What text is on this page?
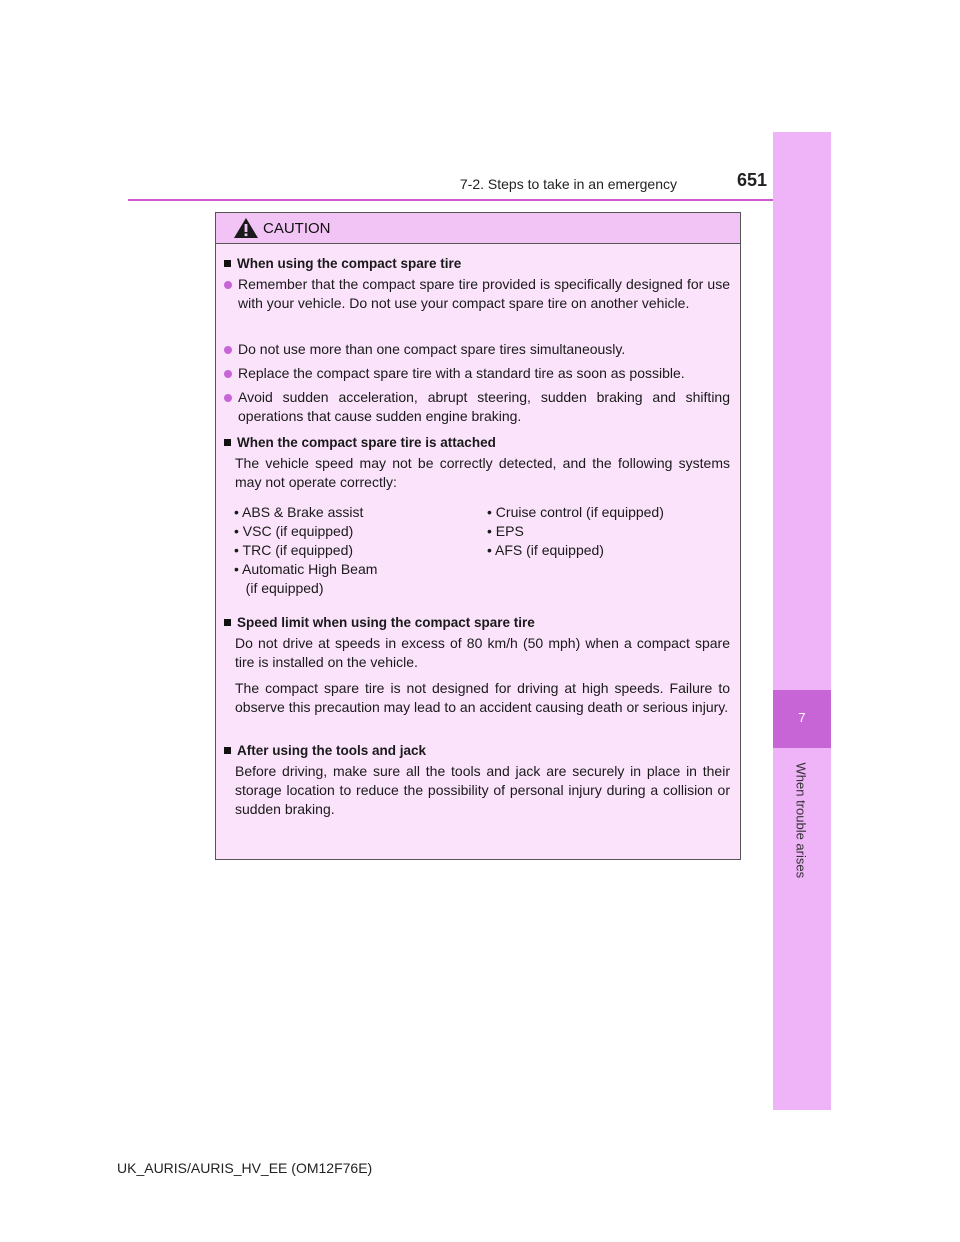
7-2. Steps to take in an emergency	651
7
When trouble arises
CAUTION
When using the compact spare tire
Remember that the compact spare tire provided is specifically designed for use with your vehicle. Do not use your compact spare tire on another vehicle.
Do not use more than one compact spare tires simultaneously.
Replace the compact spare tire with a standard tire as soon as possible.
Avoid sudden acceleration, abrupt steering, sudden braking and shifting operations that cause sudden engine braking.
When the compact spare tire is attached
The vehicle speed may not be correctly detected, and the following systems may not operate correctly:
• ABS & Brake assist
• VSC (if equipped)
• TRC (if equipped)
• Automatic High Beam
(if equipped)
• Cruise control (if equipped)
• EPS
• AFS (if equipped)
Speed limit when using the compact spare tire
Do not drive at speeds in excess of 80 km/h (50 mph) when a compact spare tire is installed on the vehicle.
The compact spare tire is not designed for driving at high speeds. Failure to observe this precaution may lead to an accident causing death or serious injury.
After using the tools and jack
Before driving, make sure all the tools and jack are securely in place in their storage location to reduce the possibility of personal injury during a collision or sudden braking.
UK_AURIS/AURIS_HV_EE (OM12F76E)
